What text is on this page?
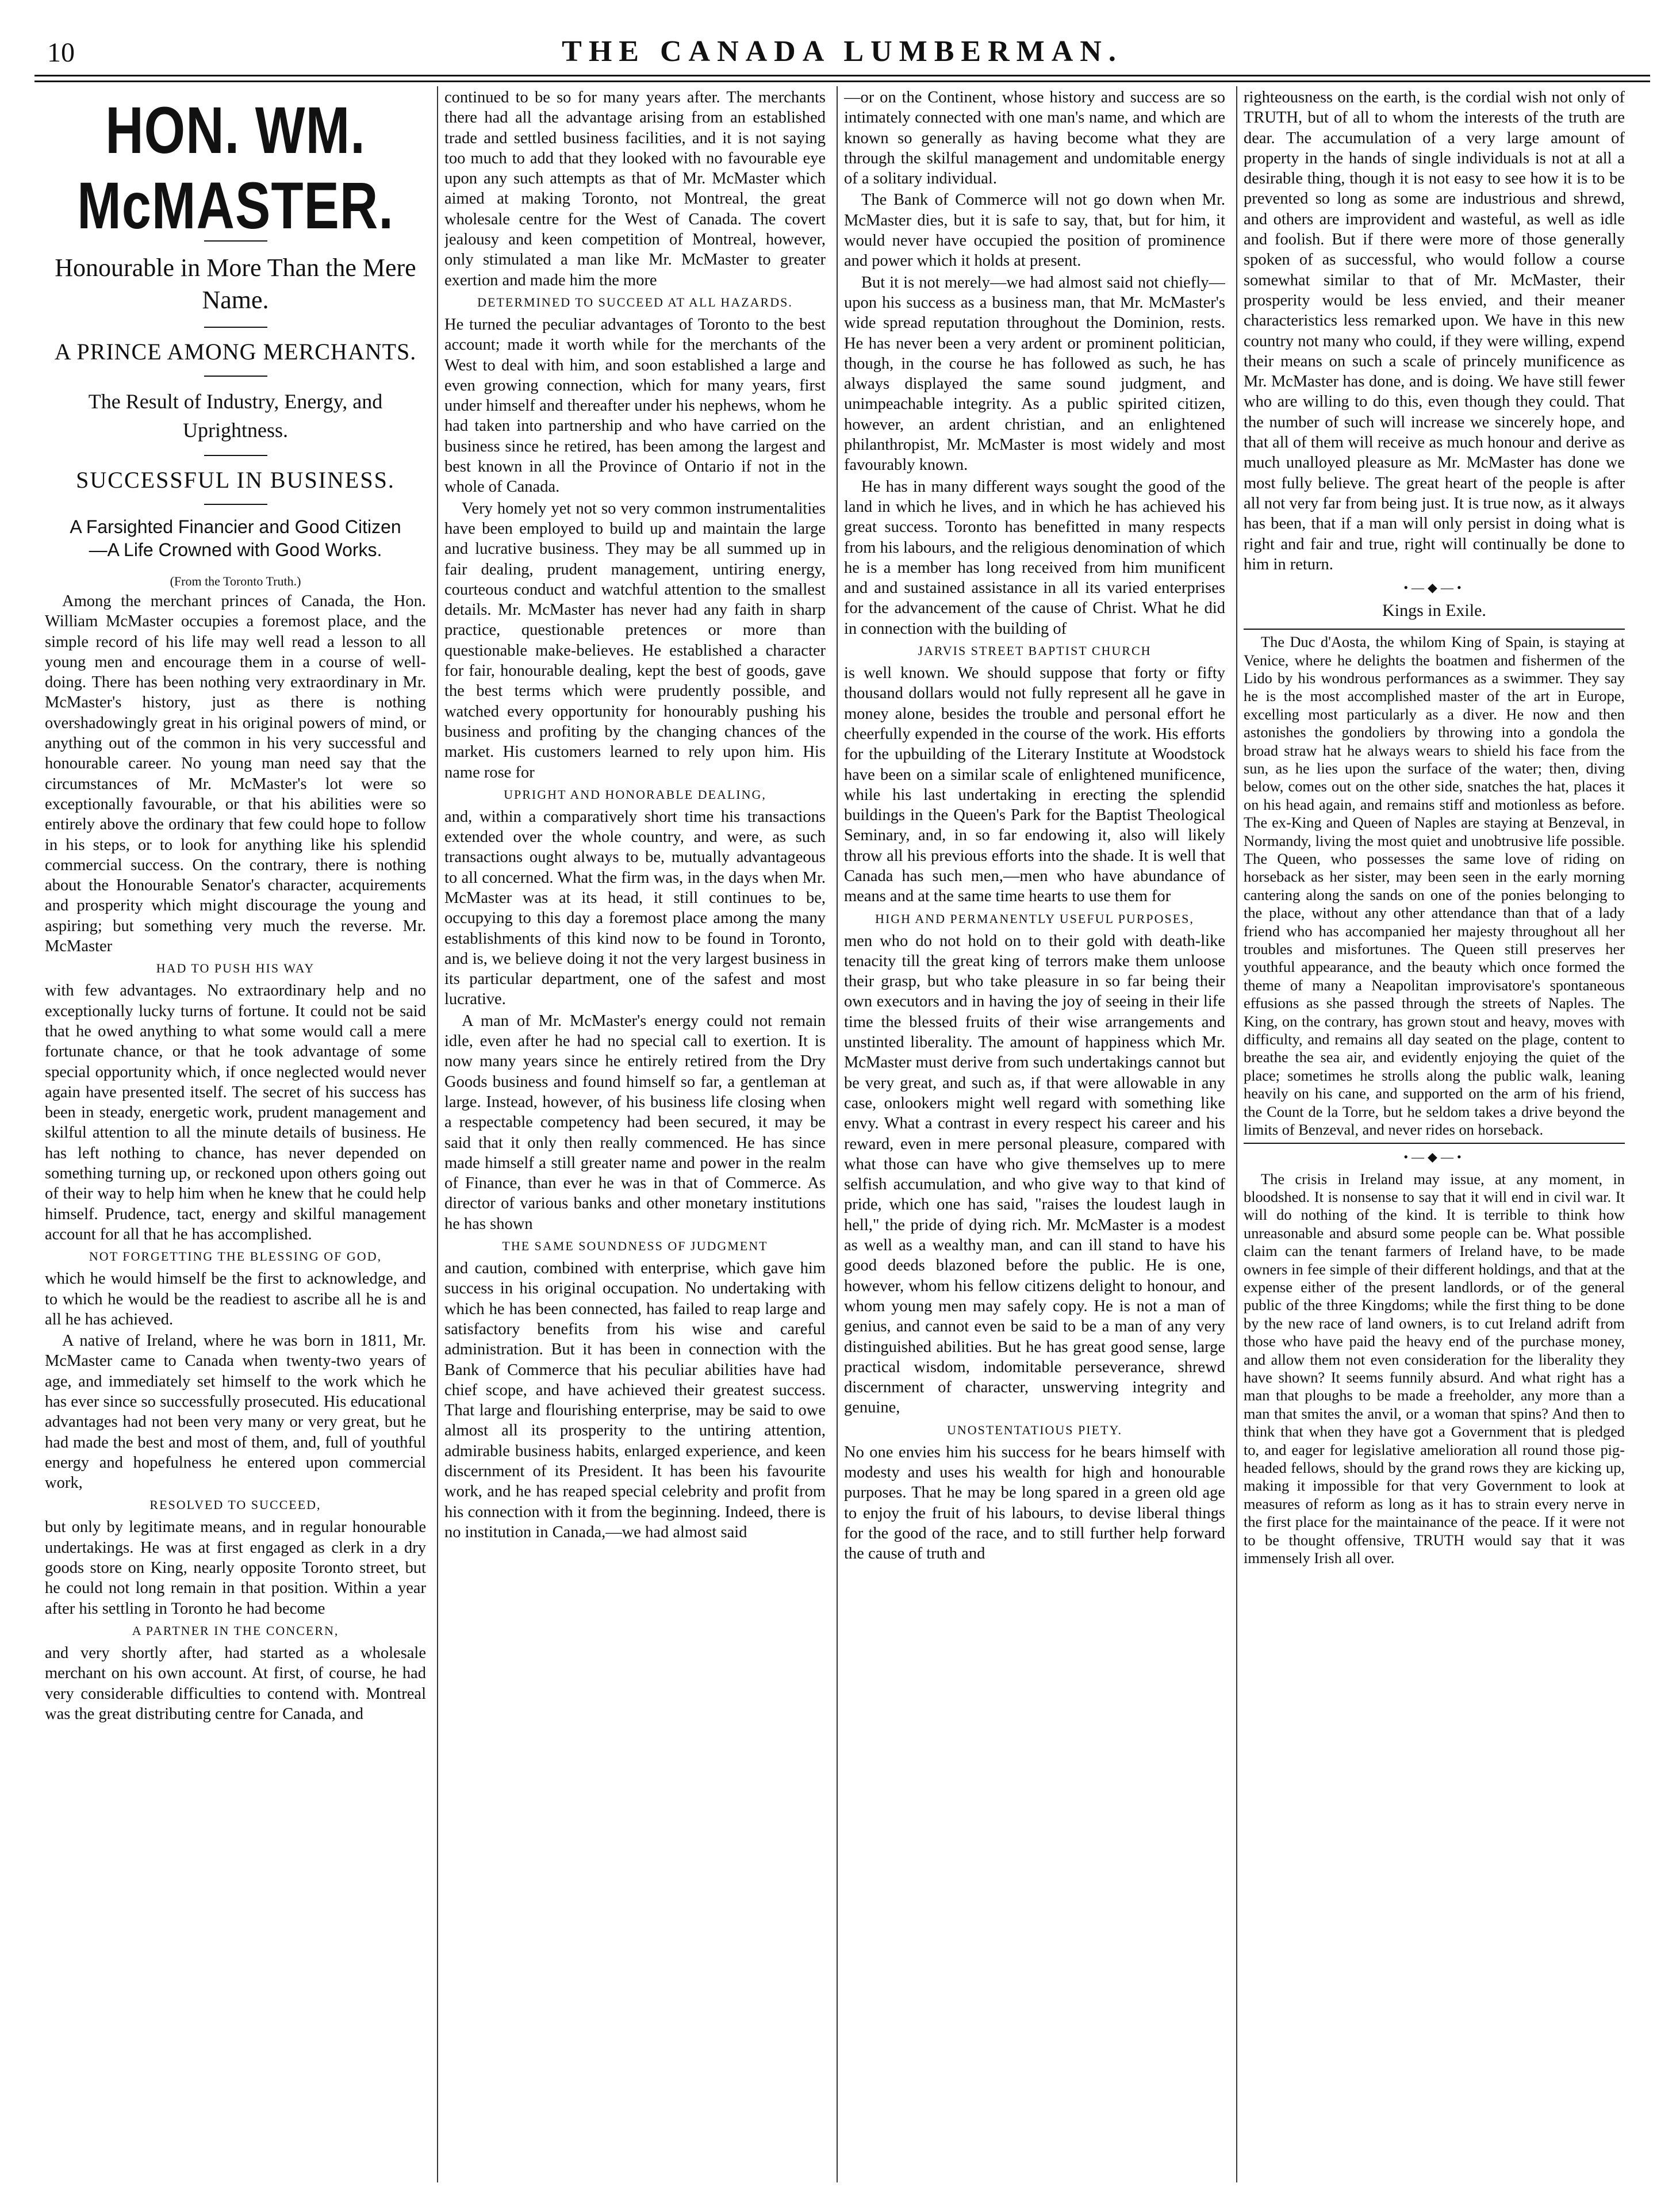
10	THE CANADA LUMBERMAN.
HON. WM. McMASTER.
Honourable in More Than the Mere Name.
A PRINCE AMONG MERCHANTS.
The Result of Industry, Energy, and Uprightness.
SUCCESSFUL IN BUSINESS.
A Farsighted Financier and Good Citizen—A Life Crowned with Good Works.
(From the Toronto Truth.)

Among the merchant princes of Canada, the Hon. William McMaster occupies a foremost place, and the simple record of his life may well read a lesson to all young men and encourage them in a course of well-doing. There has been nothing very extraordinary in Mr. McMaster's history, just as there is nothing overshadowingly great in his original powers of mind, or anything out of the common in his very successful and honourable career. No young man need say that the circumstances of Mr. McMaster's lot were so exceptionally favourable, or that his abilities were so entirely above the ordinary that few could hope to follow in his steps, or to look for anything like his splendid commercial success. On the contrary, there is nothing about the Honourable Senator's character, acquirements and prosperity which might discourage the young and aspiring; but something very much the reverse. Mr. McMaster

HAD TO PUSH HIS WAY

with few advantages. No extraordinary help and no exceptionally lucky turns of fortune. It could not be said that he owed anything to what some would call a mere fortunate chance, or that he took advantage of some special opportunity which, if once neglected would never again have presented itself. The secret of his success has been in steady, energetic work, prudent management and skilful attention to all the minute details of business. He has left nothing to chance, has never depended on something turning up, or reckoned upon others going out of their way to help him when he knew that he could help himself. Prudence, tact, energy and skilful management account for all that he has accomplished.

NOT FORGETTING THE BLESSING OF GOD,

which he would himself be the first to acknowledge, and to which he would be the readiest to ascribe all he is and all he has achieved.

A native of Ireland, where he was born in 1811, Mr. McMaster came to Canada when twenty-two years of age, and immediately set himself to the work which he has ever since so successfully prosecuted. His educational advantages had not been very many or very great, but he had made the best and most of them, and, full of youthful energy and hopefulness he entered upon commercial work,

RESOLVED TO SUCCEED,

but only by legitimate means, and in regular honourable undertakings. He was at first engaged as clerk in a dry goods store on King, nearly opposite Toronto street, but he could not long remain in that position. Within a year after his settling in Toronto he had become

A PARTNER IN THE CONCERN,

and very shortly after, had started as a wholesale merchant on his own account. At first, of course, he had very considerable difficulties to contend with. Montreal was the great distributing centre for Canada, and

continued to be so for many years after. The merchants there had all the advantage arising from an established trade and settled business facilities, and it is not saying too much to add that they looked with no favourable eye upon any such attempts as that of Mr. McMaster which aimed at making Toronto, not Montreal, the great wholesale centre for the West of Canada. The covert jealousy and keen competition of Montreal, however, only stimulated a man like Mr. McMaster to greater exertion and made him the more

DETERMINED TO SUCCEED AT ALL HAZARDS.

He turned the peculiar advantages of Toronto to the best account; made it worth while for the merchants of the West to deal with him, and soon established a large and even growing connection, which for many years, first under himself and thereafter under his nephews, whom he had taken into partnership and who have carried on the business since he retired, has been among the largest and best known in all the Province of Ontario if not in the whole of Canada.

Very homely yet not so very common instrumentalities have been employed to build up and maintain the large and lucrative business. They may be all summed up in fair dealing, prudent management, untiring energy, courteous conduct and watchful attention to the smallest details. Mr. McMaster has never had any faith in sharp practice, questionable pretences or more than questionable make-believes. He established a character for fair, honourable dealing, kept the best of goods, gave the best terms which were prudently possible, and watched every opportunity for honourably pushing his business and profiting by the changing chances of the market. His customers learned to rely upon him. His name rose for

UPRIGHT AND HONORABLE DEALING,

and, within a comparatively short time his transactions extended over the whole country, and were, as such transactions ought always to be, mutually advantageous to all concerned. What the firm was, in the days when Mr. McMaster was at its head, it still continues to be, occupying to this day a foremost place among the many establishments of this kind now to be found in Toronto, and is, we believe doing it not the very largest business in its particular department, one of the safest and most lucrative.

A man of Mr. McMaster's energy could not remain idle, even after he had no special call to exertion. It is now many years since he entirely retired from the Dry Goods business and found himself so far, a gentleman at large. Instead, however, of his business life closing when a respectable competency had been secured, it may be said that it only then really commenced. He has since made himself a still greater name and power in the realm of Finance, than ever he was in that of Commerce. As director of various banks and other monetary institutions he has shown

THE SAME SOUNDNESS OF JUDGMENT

and caution, combined with enterprise, which gave him success in his original occupation. No undertaking with which he has been connected, has failed to reap large and satisfactory benefits from his wise and careful administration. But it has been in connection with the Bank of Commerce that his peculiar abilities have had chief scope, and have achieved their greatest success. That large and flourishing enterprise, may be said to owe almost all its prosperity to the untiring attention, admirable business habits, enlarged experience, and keen discernment of its President. It has been his favourite work, and he has reaped special celebrity and profit from his connection with it from the beginning. Indeed, there is no institution in Canada,—we had almost said

—or on the Continent, whose history and success are so intimately connected with one man's name, and which are known so generally as having become what they are through the skilful management and undomitable energy of a solitary individual.

The Bank of Commerce will not go down when Mr. McMaster dies, but it is safe to say, that, but for him, it would never have occupied the position of prominence and power which it holds at present.

But it is not merely—we had almost said not chiefly—upon his success as a business man, that Mr. McMaster's wide spread reputation throughout the Dominion, rests. He has never been a very ardent or prominent politician, though, in the course he has followed as such, he has always displayed the same sound judgment, and unimpeachable integrity. As a public spirited citizen, however, an ardent christian, and an enlightened philanthropist, Mr. McMaster is most widely and most favourably known.

He has in many different ways sought the good of the land in which he lives, and in which he has achieved his great success. Toronto has benefitted in many respects from his labours, and the religious denomination of which he is a member has long received from him munificent and and sustained assistance in all its varied enterprises for the advancement of the cause of Christ. What he did in connection with the building of

JARVIS STREET BAPTIST CHURCH

is well known. We should suppose that forty or fifty thousand dollars would not fully represent all he gave in money alone, besides the trouble and personal effort he cheerfully expended in the course of the work. His efforts for the upbuilding of the Literary Institute at Woodstock have been on a similar scale of enlightened munificence, while his last undertaking in erecting the splendid buildings in the Queen's Park for the Baptist Theological Seminary, and, in so far endowing it, also will likely throw all his previous efforts into the shade. It is well that Canada has such men,—men who have abundance of means and at the same time hearts to use them for

HIGH AND PERMANENTLY USEFUL PURPOSES,

men who do not hold on to their gold with death-like tenacity till the great king of terrors make them unloose their grasp, but who take pleasure in so far being their own executors and in having the joy of seeing in their life time the blessed fruits of their wise arrangements and unstinted liberality. The amount of happiness which Mr. McMaster must derive from such undertakings cannot but be very great, and such as, if that were allowable in any case, onlookers might well regard with something like envy. What a contrast in every respect his career and his reward, even in mere personal pleasure, compared with what those can have who give themselves up to mere selfish accumulation, and who give way to that kind of pride, which one has said, "raises the loudest laugh in hell," the pride of dying rich. Mr. McMaster is a modest as well as a wealthy man, and can ill stand to have his good deeds blazoned before the public. He is one, however, whom his fellow citizens delight to honour, and whom young men may safely copy. He is not a man of genius, and cannot even be said to be a man of any very distinguished abilities. But he has great good sense, large practical wisdom, indomitable perseverance, shrewd discernment of character, unswerving integrity and genuine,

UNOSTENTATIOUS PIETY.

No one envies him his success for he bears himself with modesty and uses his wealth for high and honourable purposes. That he may be long spared in a green old age to enjoy the fruit of his labours, to devise liberal things for the good of the race, and to still further help forward the cause of truth and

righteousness on the earth, is the cordial wish not only of TRUTH, but of all to whom the interests of the truth are dear. The accumulation of a very large amount of property in the hands of single individuals is not at all a desirable thing, though it is not easy to see how it is to be prevented so long as some are industrious and shrewd, and others are improvident and wasteful, as well as idle and foolish. But if there were more of those generally spoken of as successful, who would follow a course somewhat similar to that of Mr. McMaster, their prosperity would be less envied, and their meaner characteristics less remarked upon. We have in this new country not many who could, if they were willing, expend their means on such a scale of princely munificence as Mr. McMaster has done, and is doing. We have still fewer who are willing to do this, even though they could. That the number of such will increase we sincerely hope, and that all of them will receive as much honour and derive as much unalloyed pleasure as Mr. McMaster has done we most fully believe. The great heart of the people is after all not very far from being just. It is true now, as it always has been, that if a man will only persist in doing what is right and fair and true, right will continually be done to him in return.

•—◆—•
Kings in Exile.

The Duc d'Aosta, the whilom King of Spain, is staying at Venice, where he delights the boatmen and fishermen of the Lido by his wondrous performances as a swimmer. They say he is the most accomplished master of the art in Europe, excelling most particularly as a diver. He now and then astonishes the gondoliers by throwing into a gondola the broad straw hat he always wears to shield his face from the sun, as he lies upon the surface of the water; then, diving below, comes out on the other side, snatches the hat, places it on his head again, and remains stiff and motionless as before. The ex-King and Queen of Naples are staying at Benzeval, in Normandy, living the most quiet and unobtrusive life possible. The Queen, who possesses the same love of riding on horseback as her sister, may been seen in the early morning cantering along the sands on one of the ponies belonging to the place, without any other attendance than that of a lady friend who has accompanied her majesty throughout all her troubles and misfortunes. The Queen still preserves her youthful appearance, and the beauty which once formed the theme of many a Neapolitan improvisatore's spontaneous effusions as she passed through the streets of Naples. The King, on the contrary, has grown stout and heavy, moves with difficulty, and remains all day seated on the plage, content to breathe the sea air, and evidently enjoying the quiet of the place; sometimes he strolls along the public walk, leaning heavily on his cane, and supported on the arm of his friend, the Count de la Torre, but he seldom takes a drive beyond the limits of Benzeval, and never rides on horseback.

•—◆—•

The crisis in Ireland may issue, at any moment, in bloodshed. It is nonsense to say that it will end in civil war. It will do nothing of the kind. It is terrible to think how unreasonable and absurd some people can be. What possible claim can the tenant farmers of Ireland have, to be made owners in fee simple of their different holdings, and that at the expense either of the present landlords, or of the general public of the three Kingdoms; while the first thing to be done by the new race of land owners, is to cut Ireland adrift from those who have paid the heavy end of the purchase money, and allow them not even consideration for the liberality they have shown? It seems funnily absurd. And what right has a man that ploughs to be made a freeholder, any more than a man that smites the anvil, or a woman that spins? And then to think that when they have got a Government that is pledged to, and eager for legislative amelioration all round those pig-headed fellows, should by the grand rows they are kicking up, making it impossible for that very Government to look at measures of reform as long as it has to strain every nerve in the first place for the maintainance of the peace. If it were not to be thought offensive, TRUTH would say that it was immensely Irish all over.
